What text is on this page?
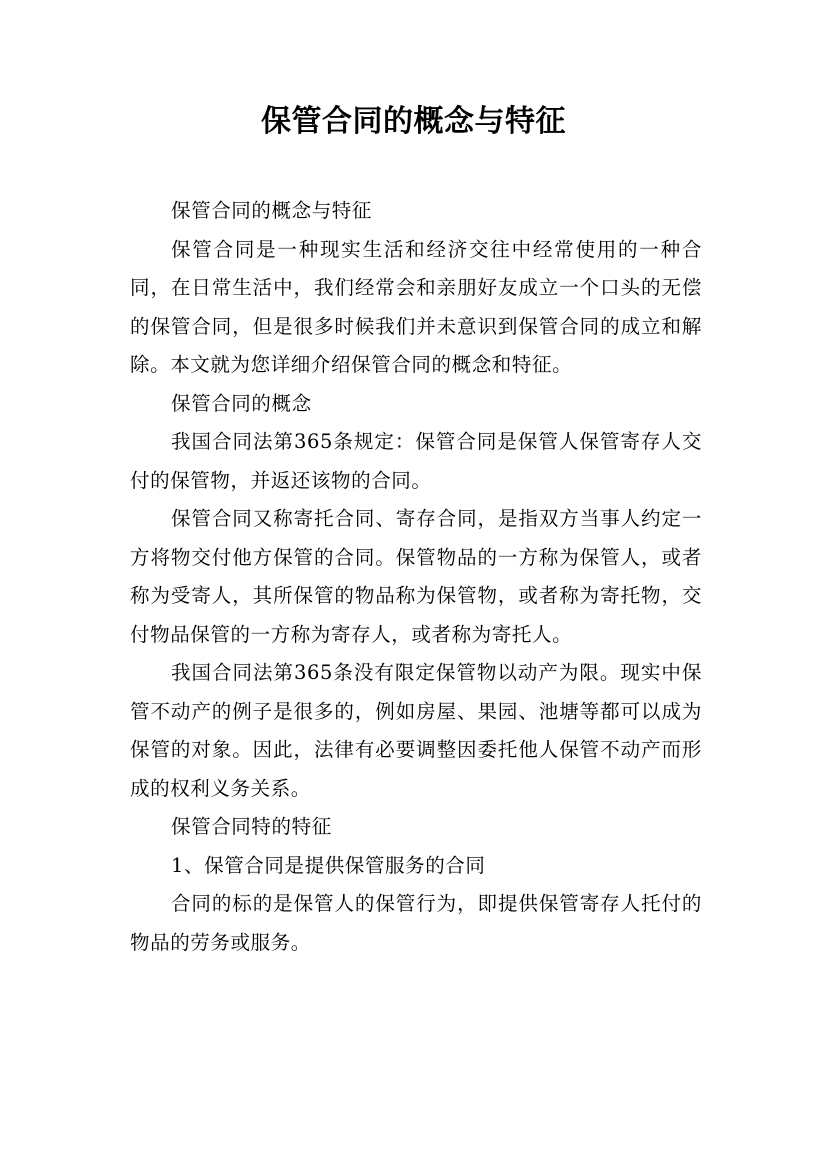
保管合同的概念与特征

保管合同的概念与特征

保管合同是一种现实生活和经济交往中经常使用的一种合同，在日常生活中，我们经常会和亲朋好友成立一个口头的无偿的保管合同，但是很多时候我们并未意识到保管合同的成立和解除。本文就为您详细介绍保管合同的概念和特征。

保管合同的概念

我国合同法第365条规定：保管合同是保管人保管寄存人交付的保管物，并返还该物的合同。

保管合同又称寄托合同、寄存合同，是指双方当事人约定一方将物交付他方保管的合同。保管物品的一方称为保管人，或者称为受寄人，其所保管的物品称为保管物，或者称为寄托物，交付物品保管的一方称为寄存人，或者称为寄托人。

我国合同法第365条没有限定保管物以动产为限。现实中保管不动产的例子是很多的，例如房屋、果园、池塘等都可以成为保管的对象。因此，法律有必要调整因委托他人保管不动产而形成的权利义务关系。

保管合同特的特征

1、保管合同是提供保管服务的合同

合同的标的是保管人的保管行为，即提供保管寄存人托付的物品的劳务或服务。
